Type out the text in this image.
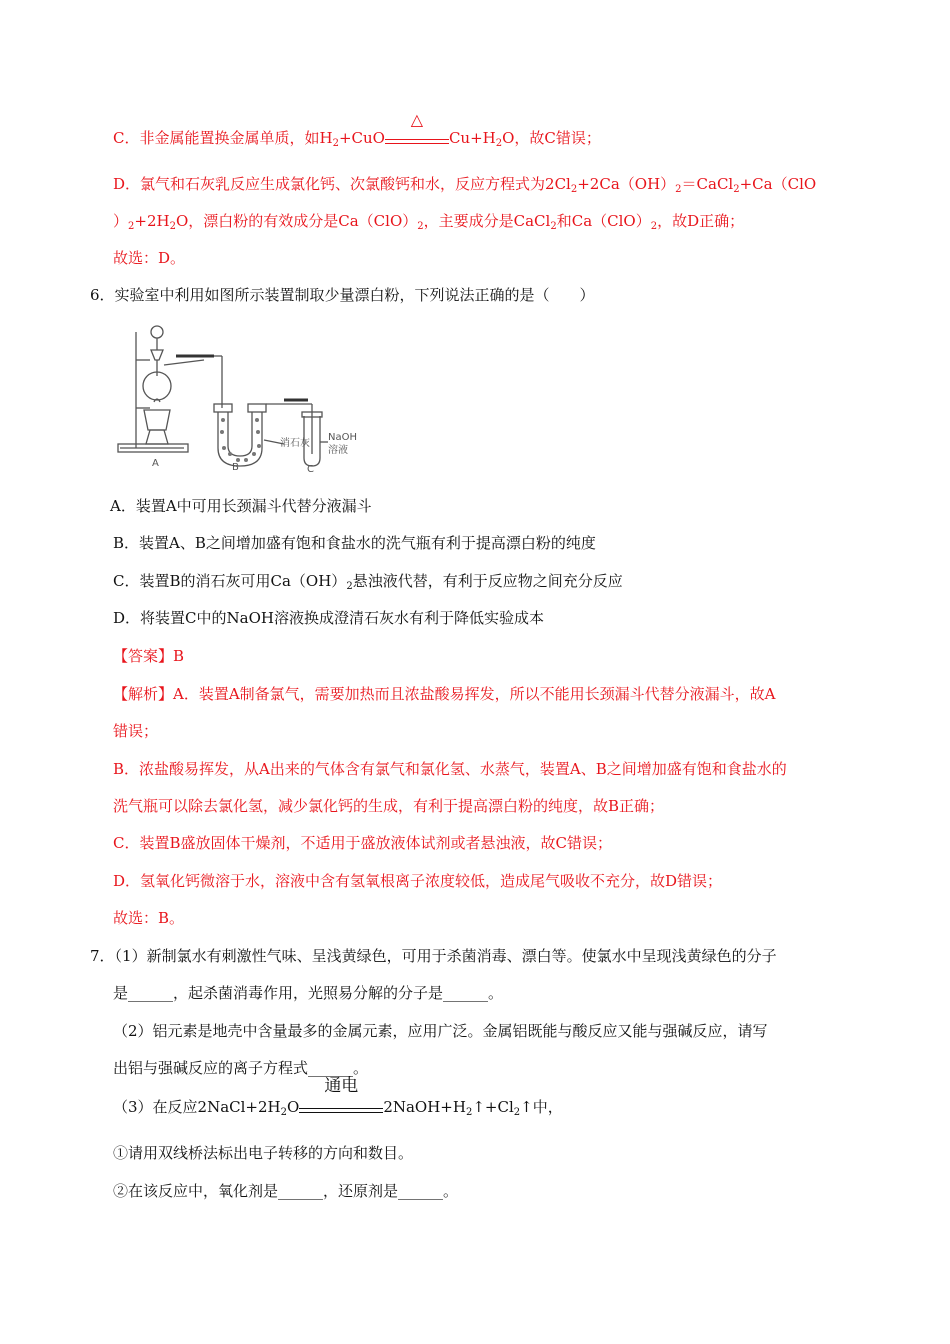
C．非金属能置换金属单质，如$H_2+CuO$
△
$Cu+H_2O$，故C错误；
D．氯气和石灰乳反应生成氯化钙、次氯酸钙和水，反应方程式为$2Cl_2+2Ca(OH)_2=CaCl_2+Ca(ClO$
）$_2+2H_2O$，漂白粉的有效成分是$Ca(ClO)_2$，主要成分是CaCl$_2$和$Ca(ClO)_2$，故D正确；
故选：D。
6．实验室中利用如图所示装置制取少量漂白粉，下列说法正确的是（　　）
消石灰
NaOH
溶液
A	B	C
A．装置A中可用长颈漏斗代替分液漏斗
B．装置A、B之间增加盛有饱和食盐水的洗气瓶有利于提高漂白粉的纯度
C．装置B的消石灰可用$Ca(OH)_2$悬浊液代替，有利于反应物之间充分反应
D．将装置C中的NaOH溶液换成澄清石灰水有利于降低实验成本
【答案】B
【解析】A．装置A制备氯气，需要加热而且浓盐酸易挥发，所以不能用长颈漏斗代替分液漏斗，故A
错误；
B．浓盐酸易挥发，从A出来的气体含有氯气和氯化氢、水蒸气，装置A、B之间增加盛有饱和食盐水的
洗气瓶可以除去氯化氢，减少氯化钙的生成，有利于提高漂白粉的纯度，故B正确；
C．装置B盛放固体干燥剂，不适用于盛放液体试剂或者悬浊液，故C错误；
D．氢氧化钙微溶于水，溶液中含有氢氧根离子浓度较低，造成尾气吸收不充分，故D错误；
故选：B。
7．（1）新制氯水有刺激性气味、呈浅黄绿色，可用于杀菌消毒、漂白等。使氯水中呈现浅黄绿色的分子
是______，起杀菌消毒作用，光照易分解的分子是______。
（2）铝元素是地壳中含量最多的金属元素，应用广泛。金属铝既能与酸反应又能与强碱反应，请写
出铝与强碱反应的离子方程式______。
（3）在反应$2NaCl+2H_2O$
通电
$2NaOH+H_2↑+Cl_2↑$中，
①请用双线桥法标出电子转移的方向和数目。
②在该反应中，氧化剂是______，还原剂是______。
